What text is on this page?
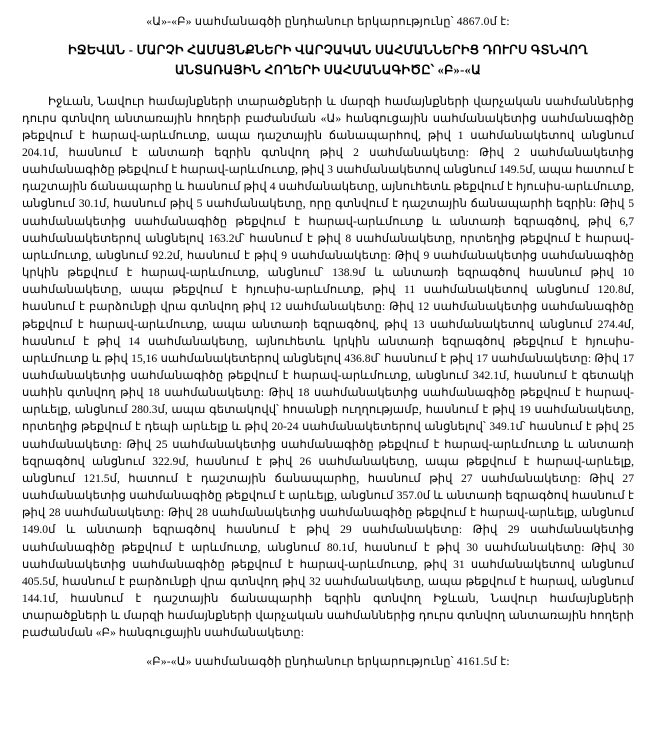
«Ա»-«Բ» սահմանագծի ընդհանուր երկարությունը՝ 4867.0մ է:

ԻՋԵՎԱՆ - ՄԱՐՉԻ ՀԱՄԱՅՆՔՆԵՐԻ ՎԱՐՉԱԿԱՆ ՍԱՀՄԱՆՆԵՐԻՑ ԴՈՒՐՍ ԳՏՆՎՈՂ
ԱՆՏԱՌԱՅԻՆ ՀՈՂԵՐԻ ՍԱՀՄԱՆԱԳԻԾԸ՝ «Բ»-«Ա

Իջևան, Նավուր համայնքների տարածքների և մարզի համայնքների վարչական սահմաններից դուրս գտնվող անտառային հողերի բաժանման «Ա» հանգուցային սահմանակետից սահմանագիծը թեքվում է հարավ-արևմուտք, ապա դաշտային ճանապարհով, թիվ 1 սահմանակետով անցնում 204.1մ, հասնում է անտառի եզրին գտնվող թիվ 2 սահմանակետը: Թիվ 2 սահմանակետից սահմանագիծը թեքվում է հարավ-արևմուտք, թիվ 3 սահմանակետով անցնում 149.5մ, ապա հատում է դաշտային ճանապարհը և հասնում թիվ 4 սահմանակետը, այնուհետև թեքվում է հյուսիս-արևմուտք, անցնում 30.1մ, հասնում թիվ 5 սահմանակետը, որը գտնվում է դաշտային ճանապարհի եզրին: Թիվ 5 սահմանակետից սահմանագիծը թեքվում է հարավ-արևմուտք և անտառի եզրագծով, թիվ 6,7 սահմանակետերով անցնելով 163.2մ՝ հասնում է թիվ 8 սահմանակետը, որտեղից թեքվում է հարավ-արևմուտք, անցնում 92.2մ, հասնում է թիվ 9 սահմանակետը: Թիվ 9 սահմանակետից սահմանագիծը կրկին թեքվում է հարավ-արևմուտք, անցնում՝ 138.9մ և անտառի եզրագծով հասնում թիվ 10 սահմանակետը, ապա թեքվում է հյուսիս-արևմուտք, թիվ 11 սահմանակետով անցնում 120.8մ, հասնում է բարձունքի վրա գտնվող թիվ 12 սահմանակետը: Թիվ 12 սահմանակետից սահմանագիծը թեքվում է հարավ-արևմուտք, ապա անտառի եզրագծով, թիվ 13 սահմանակետով անցնում 274.4մ, հասնում է թիվ 14 սահմանակետը, այնուհետև կրկին անտառի եզրագծով թեքվում է հյուսիս-արևմուտք և թիվ 15,16 սահմանակետերով անցնելով 436.8մ՝ հասնում է թիվ 17 սահմանակետը: Թիվ 17 սահմանակետից սահմանագիծը թեքվում է հարավ-արևմուտք, անցնում 342.1մ, հասնում է գետակի սահին գտնվող թիվ 18 սահմանակետը: Թիվ 18 սահմանակետից սահմանագիծը թեքվում է հարավ-արևելք, անցնում 280.3մ, ապա գետակովվ՝ հոսանքի ուղղությամբ, հասնում է թիվ 19 սահմանակետը, որտեղից թեքվում է դեպի արևելք և թիվ 20-24 սահմանակետերով անցնելով՝ 349.1մ՝ հասնում է թիվ 25 սահմանակետը: Թիվ 25 սահմանակետից սահմանագիծը թեքվում է հարավ-արևմուտք և անտառի եզրագծով անցնում 322.9մ, հասնում է թիվ 26 սահմանակետը, ապա թեքվում է հարավ-արևելք, անցնում 121.5մ, հատում է դաշտային ճանապարհը, հասնում թիվ 27 սահմանակետը: Թիվ 27 սահմանակետից սահմանագիծը թեքվում է արևելք, անցնում 357.0մ և անտառի եզրագծով հասնում է թիվ 28 սահմանակետը: Թիվ 28 սահմանակետից սահմանագիծը թեքվում է հարավ-արևելք, անցնում 149.0մ և անտառի եզրագծով հասնում է թիվ 29 սահմանակետը: Թիվ 29 սահմանակետից սահմանագիծը թեքվում է արևմուտք, անցնում 80.1մ, հասնում է թիվ 30 սահմանակետը: Թիվ 30 սահմանակետից սահմանագիծը թեքվում է հարավ-արևմուտք, թիվ 31 սահմանակետով անցնում 405.5մ, հասնում է բարձունքի վրա գտնվող թիվ 32 սահմանակետը, ապա թեքվում է հարավ, անցնում 144.1մ, հասնում է դաշտային ճանապարհի եզրին գտնվող Իջևան, Նավուր համայնքների տարածքների և մարզի համայնքների վարչական սահմաններից դուրս գտնվող անտառային հողերի բաժանման «Բ» հանգուցային սահմանակետը:

«Բ»-«Ա» սահմանագծի ընդհանուր երկարությունը՝ 4161.5մ է:
